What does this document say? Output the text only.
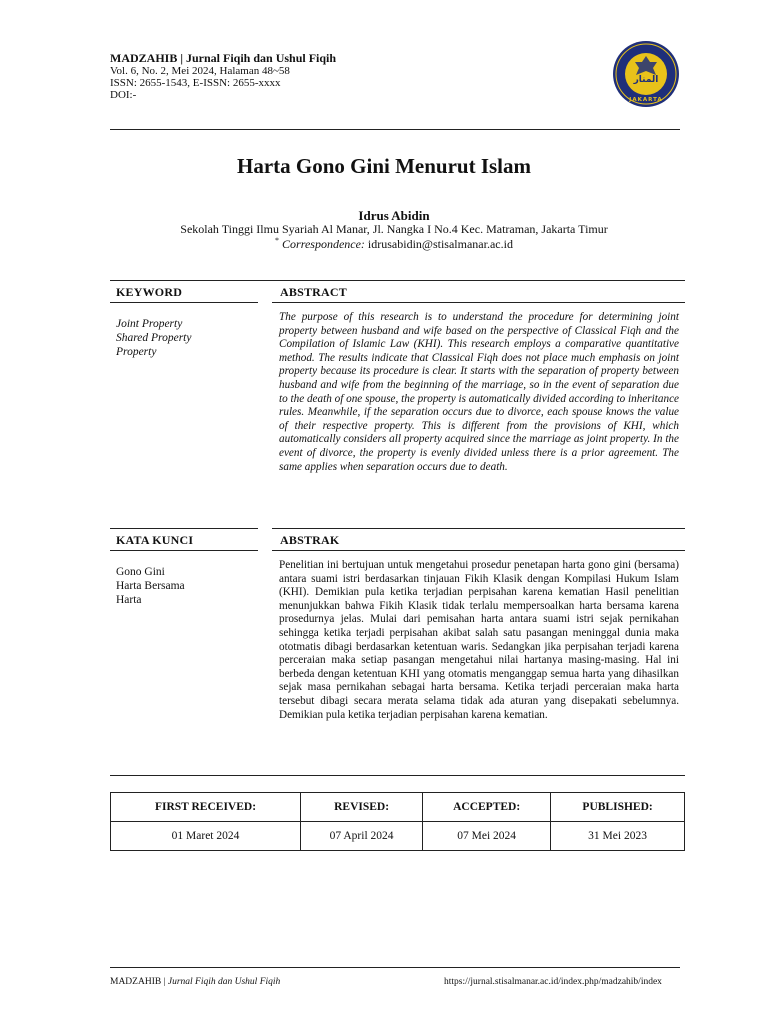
MADZAHIB | Jurnal Fiqih dan Ushul Fiqih
Vol. 6, No. 2, Mei 2024, Halaman 48~58
ISSN: 2655-1543, E-ISSN: 2655-xxxx
DOI:-
المنار
JAKARTA
Harta Gono Gini Menurut Islam
Idrus Abidin
Sekolah Tinggi Ilmu Syariah Al Manar, Jl. Nangka I No.4 Kec. Matraman, Jakarta Timur
* Correspondence: idrusabidin@stisalmanar.ac.id
KEYWORD	ABSTRACT
Joint Property
Shared Property
Property
The purpose of this research is to understand the procedure for determining joint property between husband and wife based on the perspective of Classical Fiqh and the Compilation of Islamic Law (KHI). This research employs a comparative quantitative method. The results indicate that Classical Fiqh does not place much emphasis on joint property because its procedure is clear. It starts with the separation of property between husband and wife from the beginning of the marriage, so in the event of separation due to the death of one spouse, the property is automatically divided according to inheritance rules. Meanwhile, if the separation occurs due to divorce, each spouse knows the value of their respective property. This is different from the provisions of KHI, which automatically considers all property acquired since the marriage as joint property. In the event of divorce, the property is evenly divided unless there is a prior agreement. The same applies when separation occurs due to death.
KATA KUNCI	ABSTRAK
Gono Gini
Harta Bersama
Harta
Penelitian ini bertujuan untuk mengetahui prosedur penetapan harta gono gini (bersama) antara suami istri berdasarkan tinjauan Fikih Klasik dengan Kompilasi Hukum Islam (KHI). Demikian pula ketika terjadian perpisahan karena kematian Hasil penelitian menunjukkan bahwa Fikih Klasik tidak terlalu mempersoalkan harta bersama karena prosedurnya jelas. Mulai dari pemisahan harta antara suami istri sejak pernikahan sehingga ketika terjadi perpisahan akibat salah satu pasangan meninggal dunia maka ototmatis dibagi berdasarkan ketentuan waris. Sedangkan jika perpisahan terjadi karena perceraian maka setiap pasangan mengetahui nilai hartanya masing-masing. Hal ini berbeda dengan ketentuan KHI yang otomatis menganggap semua harta yang dihasilkan sejak masa pernikahan sebagai harta bersama. Ketika terjadi perceraian maka harta tersebut dibagi secara merata selama tidak ada aturan yang disepakati sebelumnya. Demikian pula ketika terjadian perpisahan karena kematian.
FIRST RECEIVED:	REVISED:	ACCEPTED:	PUBLISHED:
01 Maret 2024	07 April 2024	07 Mei 2024	31 Mei 2023
MADZAHIB | Jurnal Fiqih dan Ushul Fiqih	https://jurnal.stisalmanar.ac.id/index.php/madzahib/index
